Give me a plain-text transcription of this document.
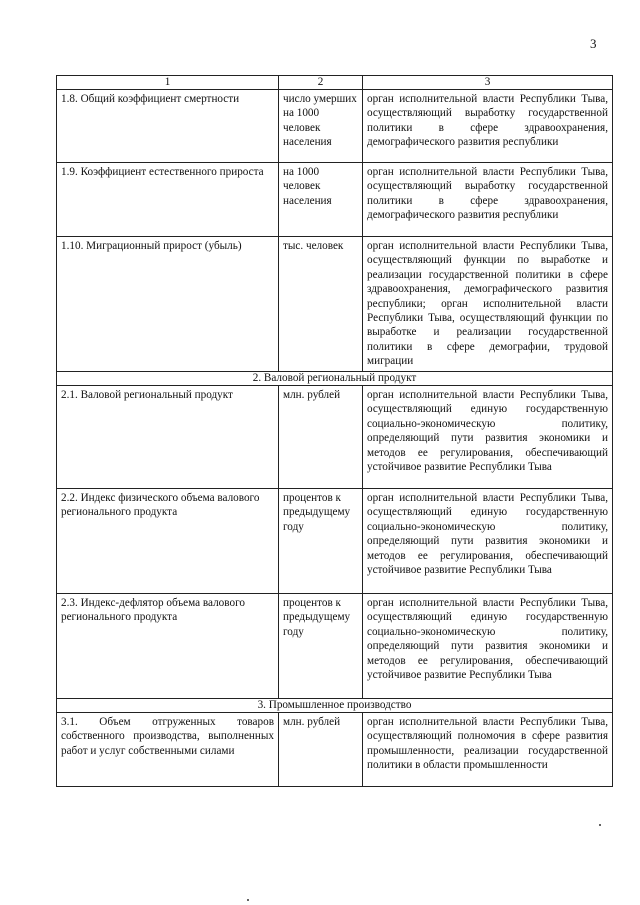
3
1	2	3
1.8. Общий коэффициент смертности	число умерших на 1000 человек населения	орган исполнительной власти Республики Тыва, осуществляющий выработку государственной политики в сфере здравоохранения, демографического развития республики
1.9. Коэффициент естественного прироста	на 1000 человек населения	орган исполнительной власти Республики Тыва, осуществляющий выработку государственной политики в сфере здравоохранения, демографического развития республики
1.10. Миграционный прирост (убыль)	тыс. человек	орган исполнительной власти Республики Тыва, осуществляющий функции по выработке и реализации государственной политики в сфере здравоохранения, демографического развития республики; орган исполнительной власти Республики Тыва, осуществляющий функции по выработке и реализации государственной политики в сфере демографии, трудовой миграции
2. Валовой региональный продукт		
2.1. Валовой региональный продукт	млн. рублей	орган исполнительной власти Республики Тыва, осуществляющий единую государственную социально-экономическую политику, определяющий пути развития экономики и методов ее регулирования, обеспечивающий устойчивое развитие Республики Тыва
2.2. Индекс физического объема валового регионального продукта	процентов к предыдущему году	орган исполнительной власти Республики Тыва, осуществляющий единую государственную социально-экономическую политику, определяющий пути развития экономики и методов ее регулирования, обеспечивающий устойчивое развитие Республики Тыва
2.3. Индекс-дефлятор объема валового регионального продукта	процентов к предыдущему году	орган исполнительной власти Республики Тыва, осуществляющий единую государственную социально-экономическую политику, определяющий пути развития экономики и методов ее регулирования, обеспечивающий устойчивое развитие Республики Тыва
3. Промышленное производство		
3.1. Объем отгруженных товаров собственного производства, выполненных работ и услуг собственными силами	млн. рублей	орган исполнительной власти Республики Тыва, осуществляющий полномочия в сфере развития промышленности, реализации государственной политики в области промышленности
